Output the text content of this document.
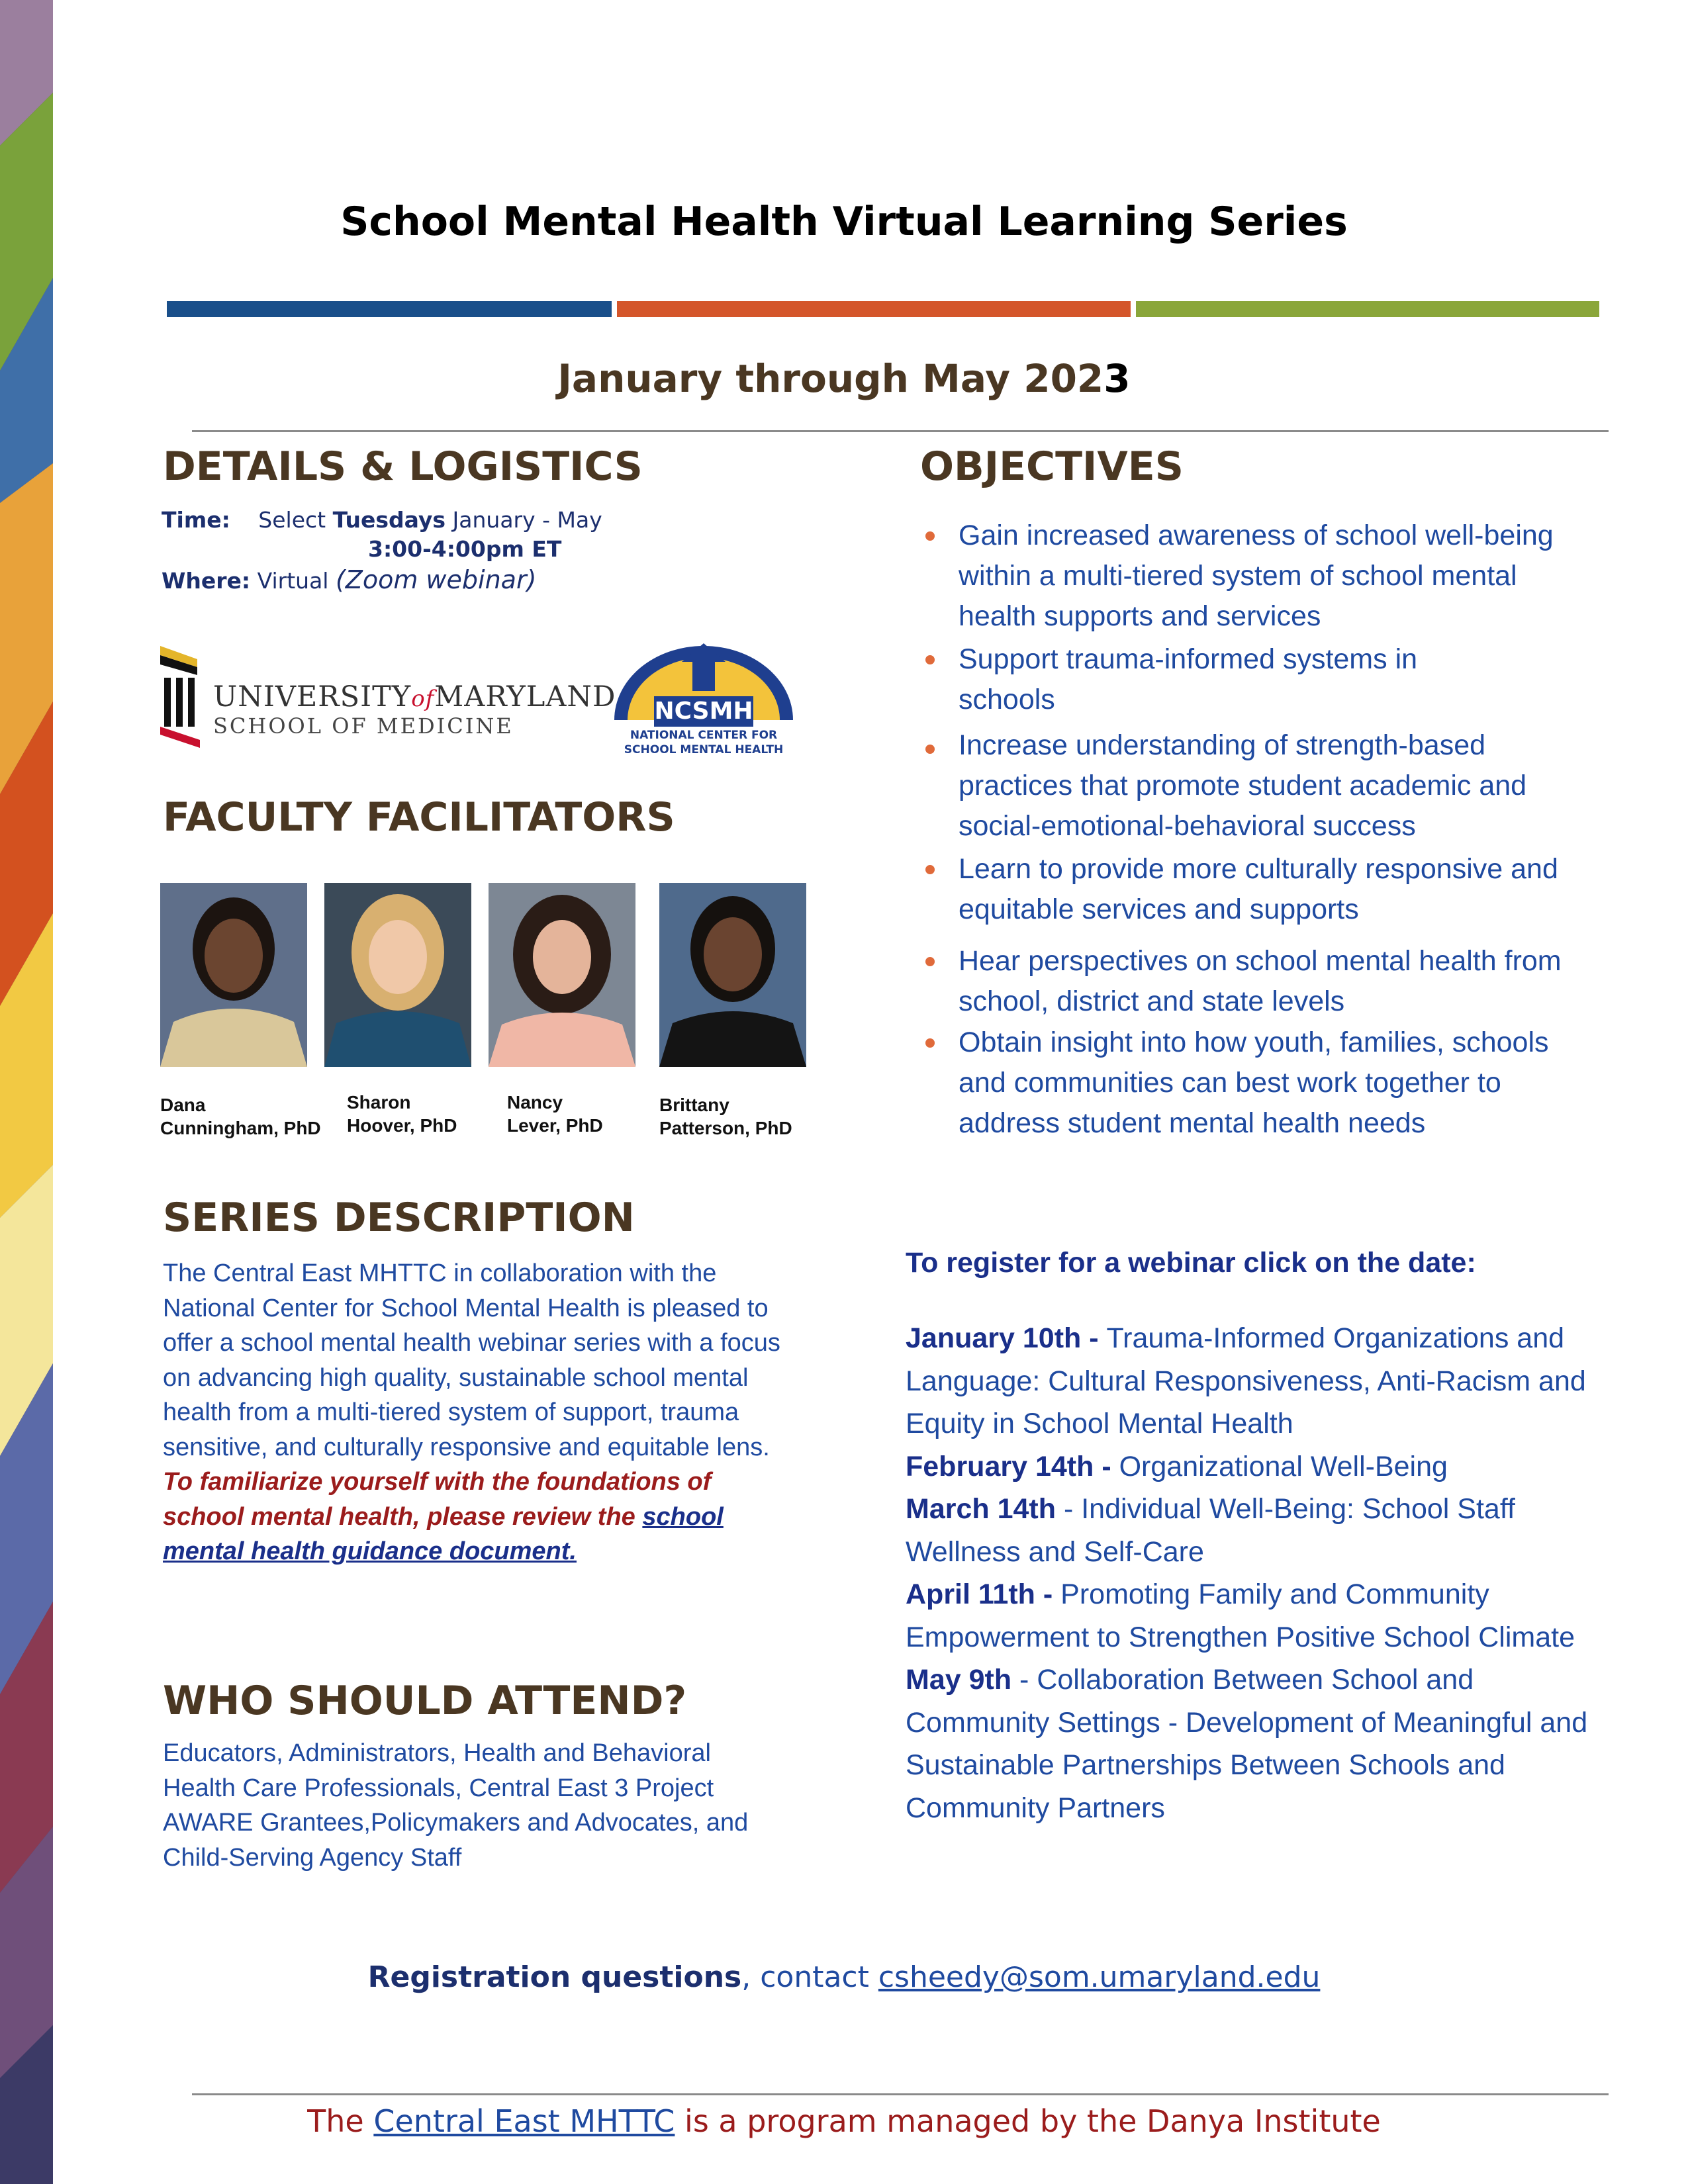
School Mental Health Virtual Learning Series
January through May 2023
DETAILS & LOGISTICS
Time: Select Tuesdays January - May
3:00-4:00pm ET
Where: Virtual (Zoom webinar)
UNIVERSITYofMARYLAND
SCHOOL OF MEDICINE
NCSMH
NATIONAL CENTER FOR
SCHOOL MENTAL HEALTH
FACULTY FACILITATORS
Dana
Cunningham, PhD
Sharon
Hoover, PhD
Nancy
Lever, PhD
Brittany
Patterson, PhD
SERIES DESCRIPTION
The Central East MHTTC in collaboration with the National Center for School Mental Health is pleased to offer a school mental health webinar series with a focus on advancing high quality, sustainable school mental health from a multi-tiered system of support, trauma sensitive, and culturally responsive and equitable lens. To familiarize yourself with the foundations of school mental health, please review the school mental health guidance document.
WHO SHOULD ATTEND?
Educators, Administrators, Health and Behavioral Health Care Professionals, Central East 3 Project AWARE Grantees,Policymakers and Advocates, and Child-Serving Agency Staff
OBJECTIVES
Gain increased awareness of school well-being within a multi-tiered system of school mental health supports and services
Support trauma-informed systems in schools
Increase understanding of strength-based practices that promote student academic and social-emotional-behavioral success
Learn to provide more culturally responsive and equitable services and supports
Hear perspectives on school mental health from school, district and state levels
Obtain insight into how youth, families, schools and communities can best work together to address student mental health needs
To register for a webinar click on the date:
January 10th - Trauma-Informed Organizations and Language: Cultural Responsiveness, Anti-Racism and Equity in School Mental Health
February 14th - Organizational Well-Being
March 14th - Individual Well-Being: School Staff Wellness and Self-Care
April 11th - Promoting Family and Community Empowerment to Strengthen Positive School Climate
May 9th - Collaboration Between School and Community Settings - Development of Meaningful and Sustainable Partnerships Between Schools and Community Partners
Registration questions, contact csheedy@som.umaryland.edu
The Central East MHTTC is a program managed by the Danya Institute
